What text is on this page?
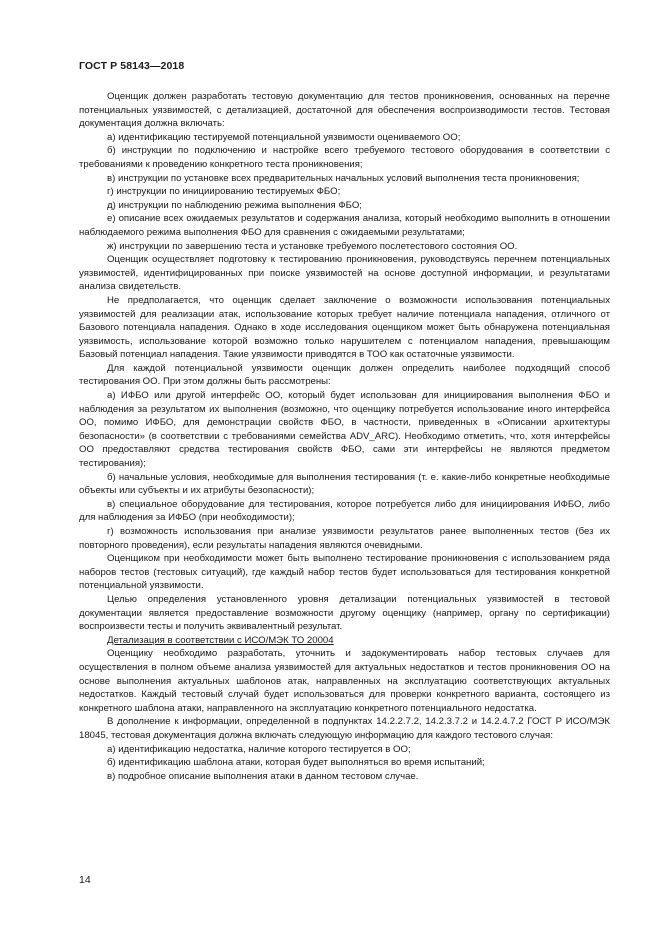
ГОСТ Р 58143—2018

Оценщик должен разработать тестовую документацию для тестов проникновения, основанных на перечне потенциальных уязвимостей, с детализацией, достаточной для обеспечения воспроизводимости тестов. Тестовая документация должна включать:

а) идентификацию тестируемой потенциальной уязвимости оцениваемого ОО;

б) инструкции по подключению и настройке всего требуемого тестового оборудования в соответствии с требованиями к проведению конкретного теста проникновения;

в) инструкции по установке всех предварительных начальных условий выполнения теста проникновения;

г) инструкции по инициированию тестируемых ФБО;

д) инструкции по наблюдению режима выполнения ФБО;

е) описание всех ожидаемых результатов и содержания анализа, который необходимо выполнить в отношении наблюдаемого режима выполнения ФБО для сравнения с ожидаемыми результатами;

ж) инструкции по завершению теста и установке требуемого послетестового состояния ОО.

Оценщик осуществляет подготовку к тестированию проникновения, руководствуясь перечнем потенциальных уязвимостей, идентифицированных при поиске уязвимостей на основе доступной информации, и результатами анализа свидетельств.

Не предполагается, что оценщик сделает заключение о возможности использования потенциальных уязвимостей для реализации атак, использование которых требует наличие потенциала нападения, отличного от Базового потенциала нападения. Однако в ходе исследования оценщиком может быть обнаружена потенциальная уязвимость, использование которой возможно только нарушителем с потенциалом нападения, превышающим Базовый потенциал нападения. Такие уязвимости приводятся в ТОО как остаточные уязвимости.

Для каждой потенциальной уязвимости оценщик должен определить наиболее подходящий способ тестирования ОО. При этом должны быть рассмотрены:

а) ИФБО или другой интерфейс ОО, который будет использован для инициирования выполнения ФБО и наблюдения за результатом их выполнения (возможно, что оценщику потребуется использование иного интерфейса ОО, помимо ИФБО, для демонстрации свойств ФБО, в частности, приведенных в «Описании архитектуры безопасности» (в соответствии с требованиями семейства ADV_ARC). Необходимо отметить, что, хотя интерфейсы ОО предоставляют средства тестирования свойств ФБО, сами эти интерфейсы не являются предметом тестирования);

б) начальные условия, необходимые для выполнения тестирования (т. е. какие-либо конкретные необходимые объекты или субъекты и их атрибуты безопасности);

в) специальное оборудование для тестирования, которое потребуется либо для инициирования ИФБО, либо для наблюдения за ИФБО (при необходимости);

г) возможность использования при анализе уязвимости результатов ранее выполненных тестов (без их повторного проведения), если результаты нападения являются очевидными.

Оценщиком при необходимости может быть выполнено тестирование проникновения с использованием ряда наборов тестов (тестовых ситуаций), где каждый набор тестов будет использоваться для тестирования конкретной потенциальной уязвимости.

Целью определения установленного уровня детализации потенциальных уязвимостей в тестовой документации является предоставление возможности другому оценщику (например, органу по сертификации) воспроизвести тесты и получить эквивалентный результат.

Детализация в соответствии с ИСО/МЭК ТО 20004

Оценщику необходимо разработать, уточнить и задокументировать набор тестовых случаев для осуществления в полном объеме анализа уязвимостей для актуальных недостатков и тестов проникновения ОО на основе выполнения актуальных шаблонов атак, направленных на эксплуатацию соответствующих актуальных недостатков. Каждый тестовый случай будет использоваться для проверки конкретного варианта, состоящего из конкретного шаблона атаки, направленного на эксплуатацию конкретного потенциального недостатка.

В дополнение к информации, определенной в подпунктах 14.2.2.7.2, 14.2.3.7.2 и 14.2.4.7.2 ГОСТ Р ИСО/МЭК 18045, тестовая документация должна включать следующую информацию для каждого тестового случая:

а) идентификацию недостатка, наличие которого тестируется в ОО;

б) идентификацию шаблона атаки, которая будет выполняться во время испытаний;

в) подробное описание выполнения атаки в данном тестовом случае.

14
